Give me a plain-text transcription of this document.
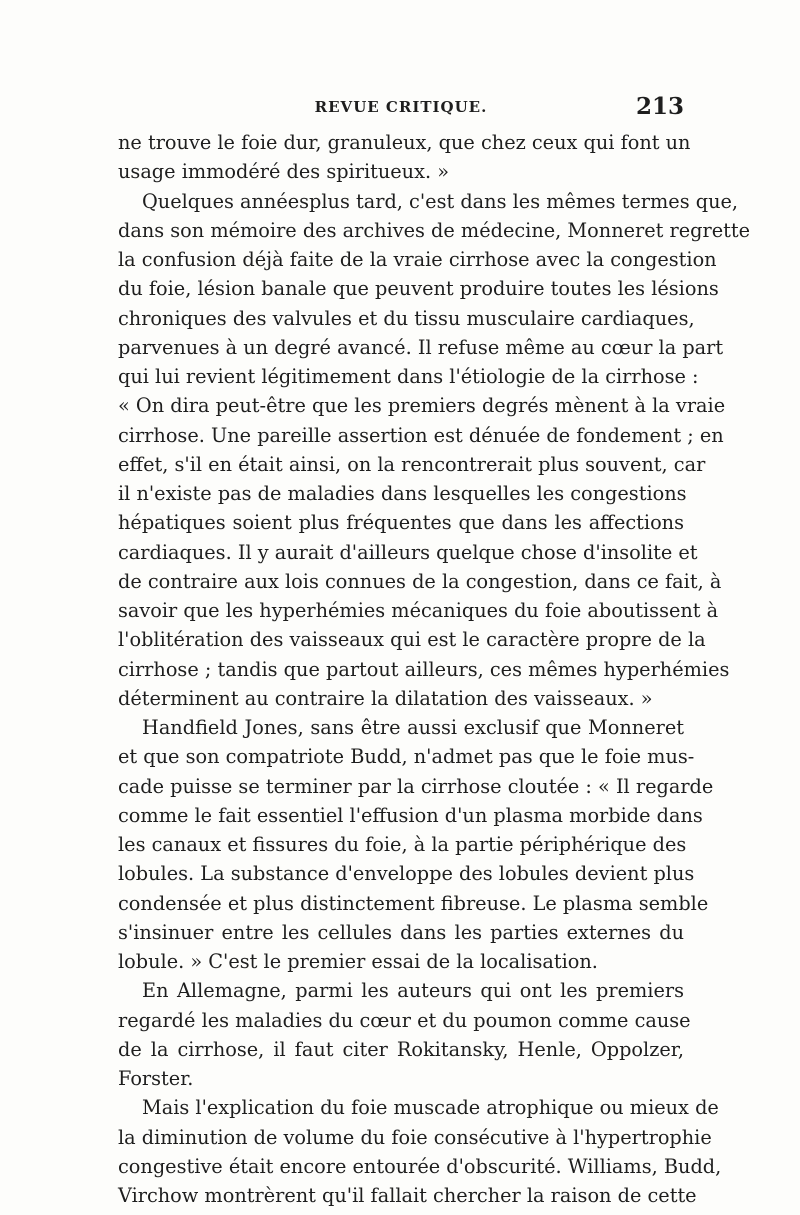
REVUE CRITIQUE.	213
ne trouve le foie dur, granuleux, que chez ceux qui font un
usage immodéré des spiritueux. »
Quelques annéesplus tard, c'est dans les mêmes termes que,
dans son mémoire des archives de médecine, Monneret regrette
la confusion déjà faite de la vraie cirrhose avec la congestion
du foie, lésion banale que peuvent produire toutes les lésions
chroniques des valvules et du tissu musculaire cardiaques,
parvenues à un degré avancé. Il refuse même au cœur la part
qui lui revient légitimement dans l'étiologie de la cirrhose :
« On dira peut-être que les premiers degrés mènent à la vraie
cirrhose. Une pareille assertion est dénuée de fondement ; en
effet, s'il en était ainsi, on la rencontrerait plus souvent, car
il n'existe pas de maladies dans lesquelles les congestions
hépatiques soient plus fréquentes que dans les affections
cardiaques. Il y aurait d'ailleurs quelque chose d'insolite et
de contraire aux lois connues de la congestion, dans ce fait, à
savoir que les hyperhémies mécaniques du foie aboutissent à
l'oblitération des vaisseaux qui est le caractère propre de la
cirrhose ; tandis que partout ailleurs, ces mêmes hyperhémies
déterminent au contraire la dilatation des vaisseaux. »
Handfield Jones, sans être aussi exclusif que Monneret
et que son compatriote Budd, n'admet pas que le foie mus-
cade puisse se terminer par la cirrhose cloutée : « Il regarde
comme le fait essentiel l'effusion d'un plasma morbide dans
les canaux et fissures du foie, à la partie périphérique des
lobules. La substance d'enveloppe des lobules devient plus
condensée et plus distinctement fibreuse. Le plasma semble
s'insinuer entre les cellules dans les parties externes du
lobule. » C'est le premier essai de la localisation.
En Allemagne, parmi les auteurs qui ont les premiers
regardé les maladies du cœur et du poumon comme cause
de la cirrhose, il faut citer Rokitansky, Henle, Oppolzer,
Forster.
Mais l'explication du foie muscade atrophique ou mieux de
la diminution de volume du foie consécutive à l'hypertrophie
congestive était encore entourée d'obscurité. Williams, Budd,
Virchow montrèrent qu'il fallait chercher la raison de cette
